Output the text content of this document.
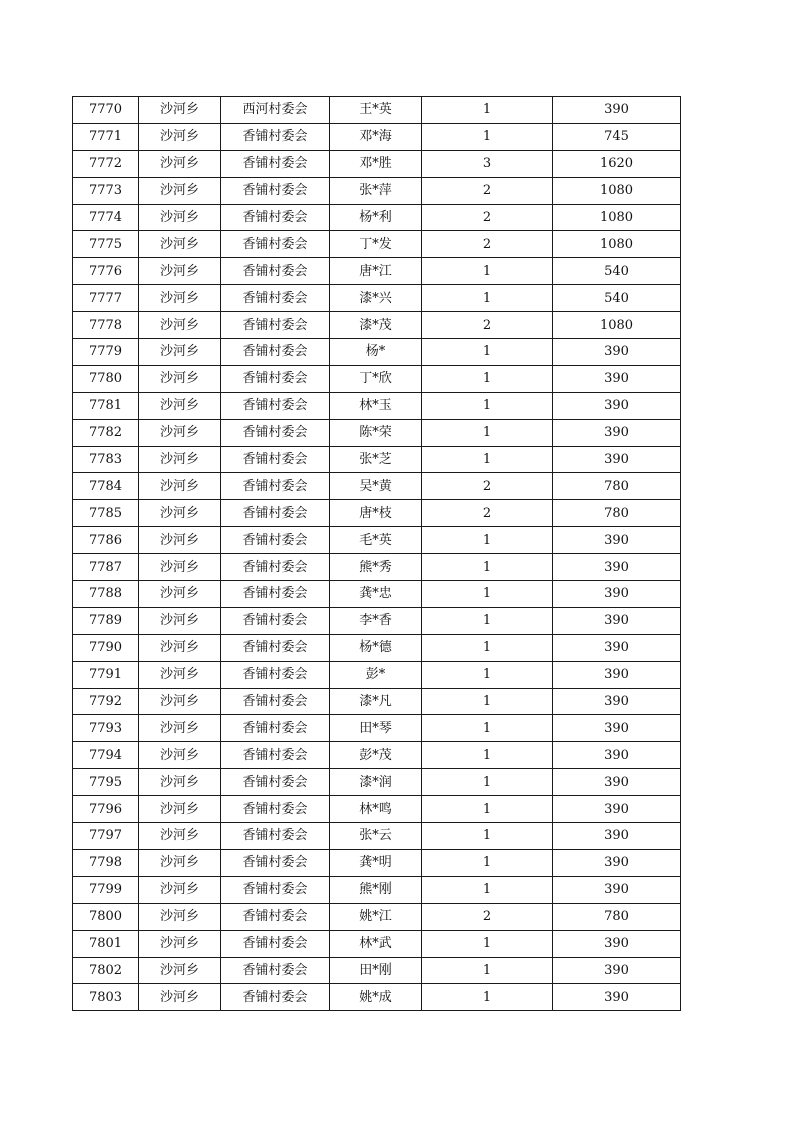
7770	沙河乡	西河村委会	王*英	1	390
7771	沙河乡	香铺村委会	邓*海	1	745
7772	沙河乡	香铺村委会	邓*胜	3	1620
7773	沙河乡	香铺村委会	张*萍	2	1080
7774	沙河乡	香铺村委会	杨*利	2	1080
7775	沙河乡	香铺村委会	丁*发	2	1080
7776	沙河乡	香铺村委会	唐*江	1	540
7777	沙河乡	香铺村委会	漆*兴	1	540
7778	沙河乡	香铺村委会	漆*茂	2	1080
7779	沙河乡	香铺村委会	杨*	1	390
7780	沙河乡	香铺村委会	丁*欣	1	390
7781	沙河乡	香铺村委会	林*玉	1	390
7782	沙河乡	香铺村委会	陈*荣	1	390
7783	沙河乡	香铺村委会	张*芝	1	390
7784	沙河乡	香铺村委会	吴*黄	2	780
7785	沙河乡	香铺村委会	唐*枝	2	780
7786	沙河乡	香铺村委会	毛*英	1	390
7787	沙河乡	香铺村委会	熊*秀	1	390
7788	沙河乡	香铺村委会	龚*忠	1	390
7789	沙河乡	香铺村委会	李*香	1	390
7790	沙河乡	香铺村委会	杨*德	1	390
7791	沙河乡	香铺村委会	彭*	1	390
7792	沙河乡	香铺村委会	漆*凡	1	390
7793	沙河乡	香铺村委会	田*琴	1	390
7794	沙河乡	香铺村委会	彭*茂	1	390
7795	沙河乡	香铺村委会	漆*润	1	390
7796	沙河乡	香铺村委会	林*鸣	1	390
7797	沙河乡	香铺村委会	张*云	1	390
7798	沙河乡	香铺村委会	龚*明	1	390
7799	沙河乡	香铺村委会	熊*刚	1	390
7800	沙河乡	香铺村委会	姚*江	2	780
7801	沙河乡	香铺村委会	林*武	1	390
7802	沙河乡	香铺村委会	田*刚	1	390
7803	沙河乡	香铺村委会	姚*成	1	390
